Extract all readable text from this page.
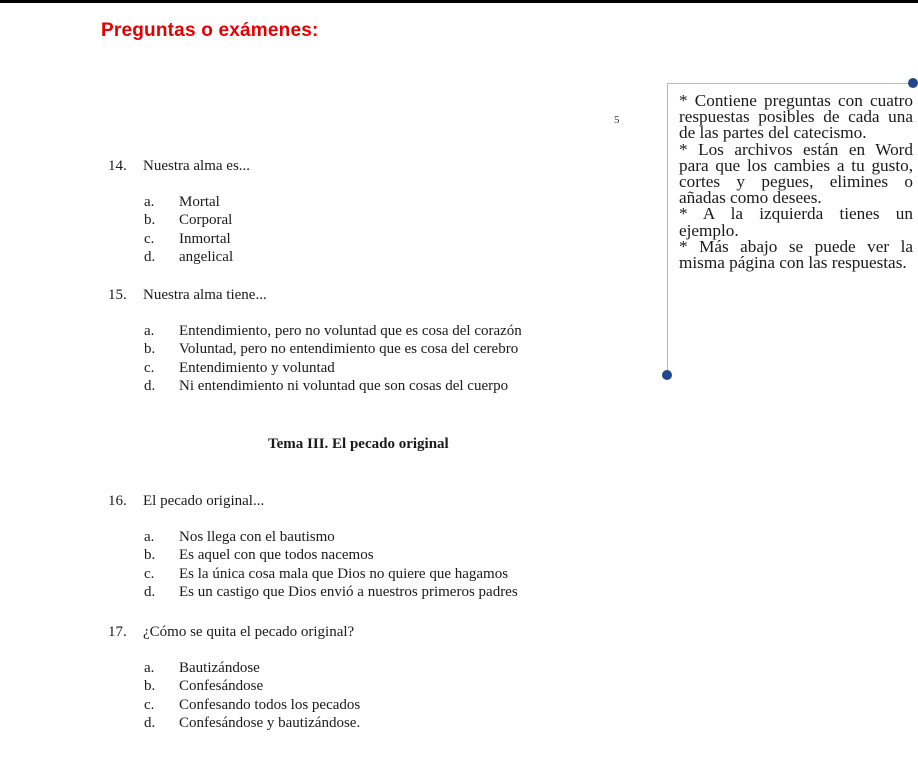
Preguntas o exámenes:
5
14.	Nuestra alma es...
a.	Mortal
b.	Corporal
c.	Inmortal
d.	angelical
15.	Nuestra alma tiene...
a.	Entendimiento, pero no voluntad que es cosa del corazón
b.	Voluntad, pero no entendimiento que es cosa del cerebro
c.	Entendimiento y voluntad
d.	Ni entendimiento ni voluntad que son cosas del cuerpo
Tema III. El pecado original
16.	El pecado original...
a.	Nos llega con el bautismo
b.	Es aquel con que todos nacemos
c.	Es la única cosa mala que Dios no quiere que hagamos
d.	Es un castigo que Dios envió a nuestros primeros padres
17.	¿Cómo se quita el pecado original?
a.	Bautizándose
b.	Confesándose
c.	Confesando todos los pecados
d.	Confesándose y bautizándose.

* Contiene preguntas con cuatro respuestas posibles de cada una de las partes del catecismo.

* Los archivos están en Word para que los cambies a tu gusto, cortes y pegues, elimines o añadas como desees.

* A la izquierda tienes un ejemplo.

* Más abajo se puede ver la misma página con las respuestas.
